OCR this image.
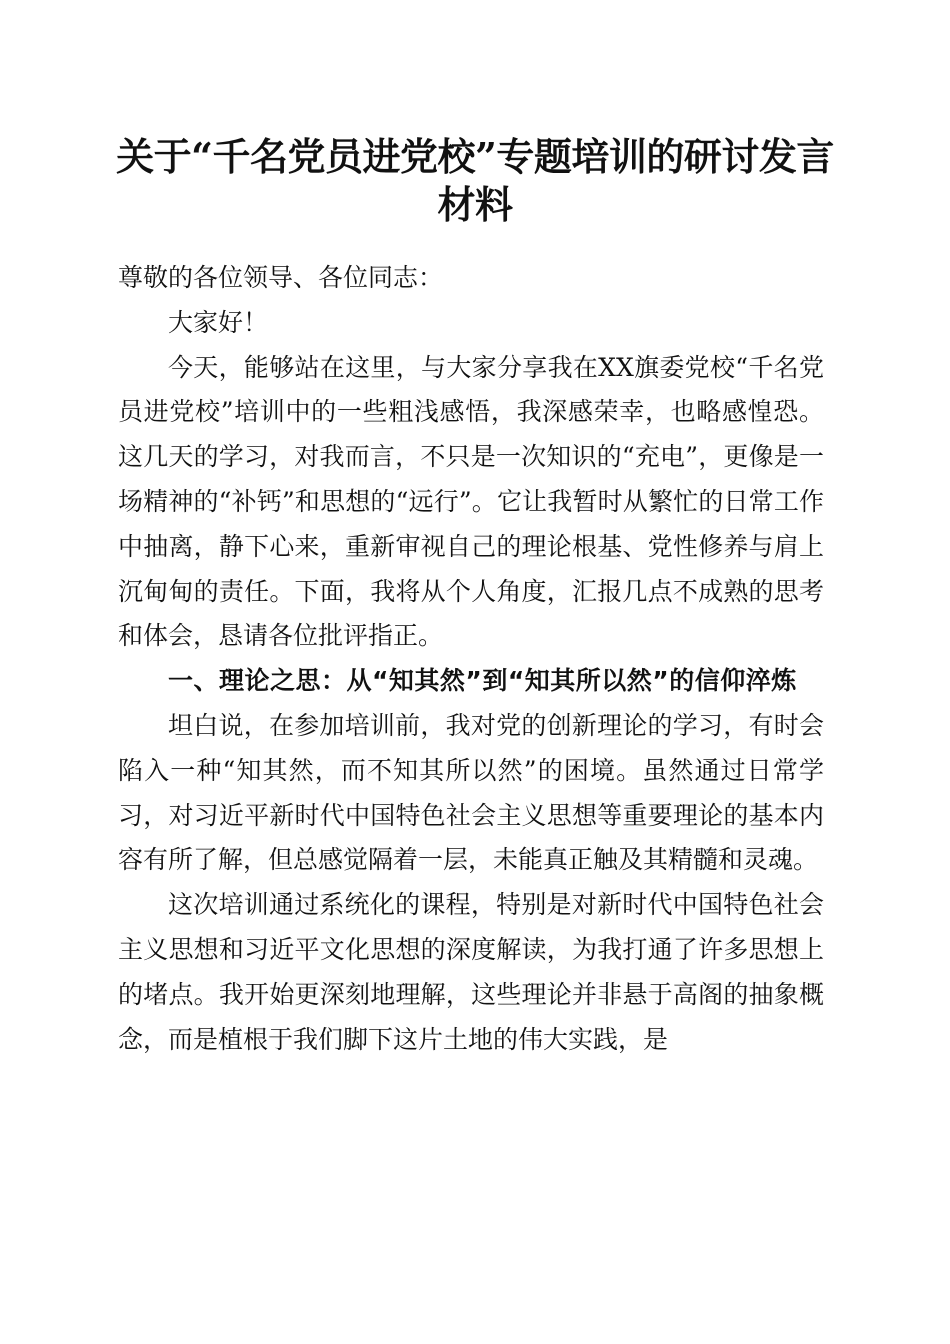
关于“千名党员进党校”专题培训的研讨发言材料

尊敬的各位领导、各位同志：

大家好！

今天，能够站在这里，与大家分享我在XX旗委党校“千名党员进党校”培训中的一些粗浅感悟，我深感荣幸，也略感惶恐。这几天的学习，对我而言，不只是一次知识的“充电”，更像是一场精神的“补钙”和思想的“远行”。它让我暂时从繁忙的日常工作中抽离，静下心来，重新审视自己的理论根基、党性修养与肩上沉甸甸的责任。下面，我将从个人角度，汇报几点不成熟的思考和体会，恳请各位批评指正。

一、理论之思：从“知其然”到“知其所以然”的信仰淬炼

坦白说，在参加培训前，我对党的创新理论的学习，有时会陷入一种“知其然，而不知其所以然”的困境。虽然通过日常学习，对习近平新时代中国特色社会主义思想等重要理论的基本内容有所了解，但总感觉隔着一层，未能真正触及其精髓和灵魂。

这次培训通过系统化的课程，特别是对新时代中国特色社会主义思想和习近平文化思想的深度解读，为我打通了许多思想上的堵点。我开始更深刻地理解，这些理论并非悬于高阁的抽象概念，而是植根于我们脚下这片土地的伟大实践，是
